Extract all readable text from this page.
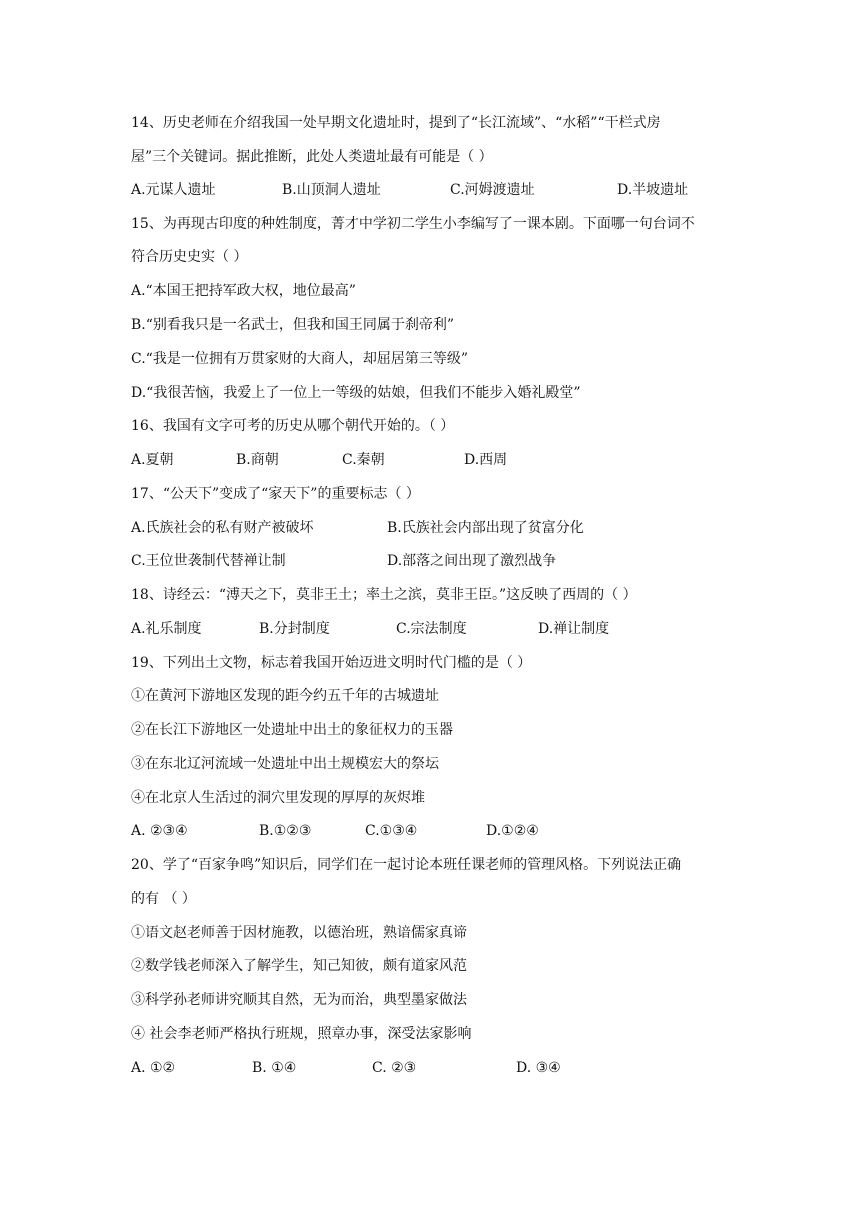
14、历史老师在介绍我国一处早期文化遗址时，提到了“长江流域”、“水稻”“干栏式房
屋”三个关键词。据此推断，此处人类遗址最有可能是（ ）
A.元谋人遗址	B.山顶洞人遗址	C.河姆渡遗址	D.半坡遗址
15、为再现古印度的种姓制度，菁才中学初二学生小李编写了一课本剧。下面哪一句台词不
符合历史史实（ ）
A.“本国王把持军政大权，地位最高”
B.“别看我只是一名武士，但我和国王同属于刹帝利”
C.“我是一位拥有万贯家财的大商人，却屈居第三等级”
D.“我很苦恼，我爱上了一位上一等级的姑娘，但我们不能步入婚礼殿堂”
16、我国有文字可考的历史从哪个朝代开始的。（ ）
A.夏朝	B.商朝	C.秦朝	D.西周
17、“公天下”变成了“家天下”的重要标志（ ）
A.氏族社会的私有财产被破坏	B.氏族社会内部出现了贫富分化
C.王位世袭制代替禅让制	D.部落之间出现了激烈战争
18、诗经云：“溥天之下，莫非王土；率土之滨，莫非王臣。”这反映了西周的（ ）
A.礼乐制度	B.分封制度	C.宗法制度	D.禅让制度
19、下列出土文物，标志着我国开始迈进文明时代门槛的是（ ）
①在黄河下游地区发现的距今约五千年的古城遗址
②在长江下游地区一处遗址中出土的象征权力的玉器
③在东北辽河流域一处遗址中出土规模宏大的祭坛
④在北京人生活过的洞穴里发现的厚厚的灰烬堆
A. ②③④	B.①②③	C.①③④	D.①②④
20、学了“百家争鸣”知识后，同学们在一起讨论本班任课老师的管理风格。下列说法正确
的有 （ ）
①语文赵老师善于因材施教，以德治班，熟谙儒家真谛
②数学钱老师深入了解学生，知己知彼，颇有道家风范
③科学孙老师讲究顺其自然，无为而治，典型墨家做法
④ 社会李老师严格执行班规，照章办事，深受法家影响
A. ①②	B. ①④	C. ②③	D. ③④
